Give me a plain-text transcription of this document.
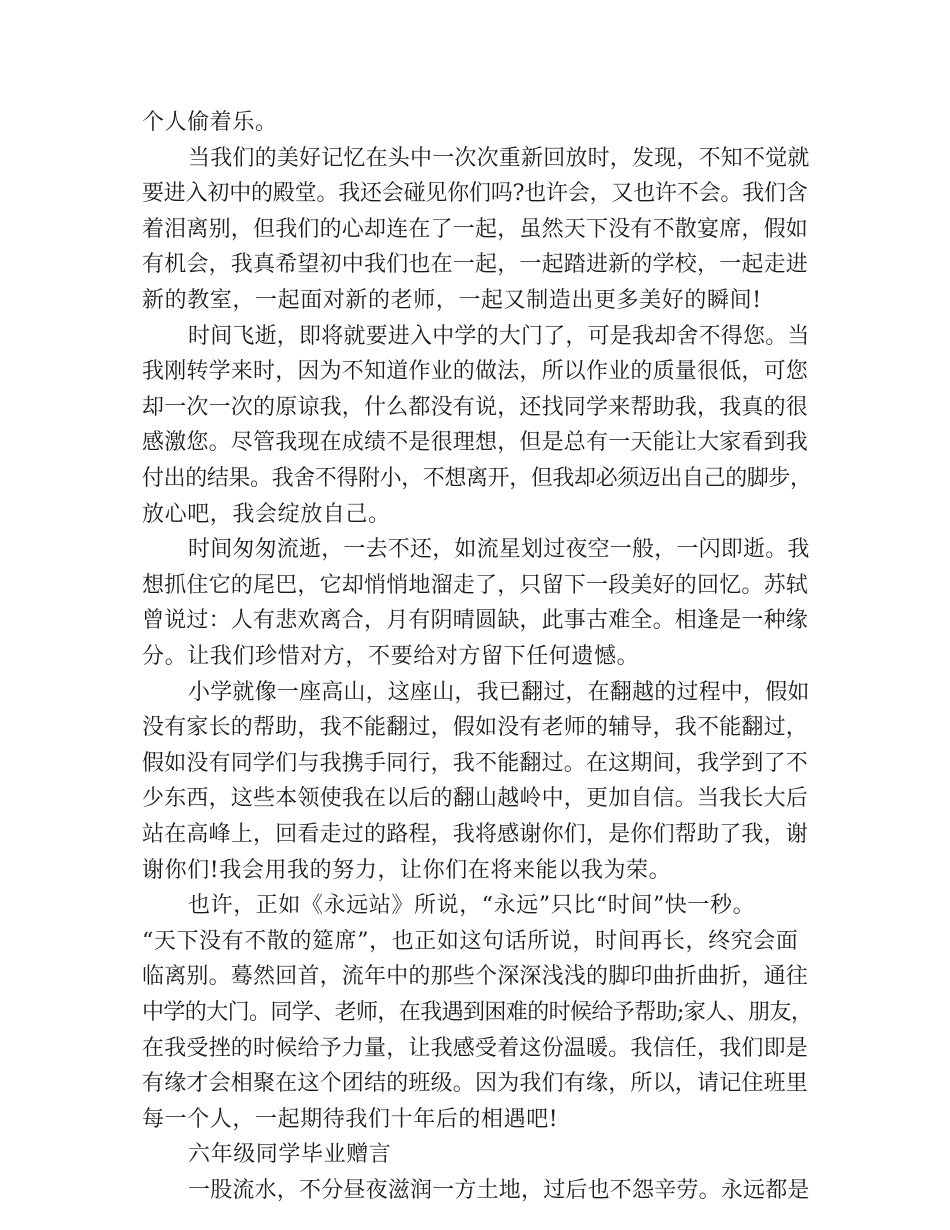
个人偷着乐。
当我们的美好记忆在头中一次次重新回放时，发现，不知不觉就
要进入初中的殿堂。我还会碰见你们吗?也许会，又也许不会。我们含
着泪离别，但我们的心却连在了一起，虽然天下没有不散宴席，假如
有机会，我真希望初中我们也在一起，一起踏进新的学校，一起走进
新的教室，一起面对新的老师，一起又制造出更多美好的瞬间!
时间飞逝，即将就要进入中学的大门了，可是我却舍不得您。当
我刚转学来时，因为不知道作业的做法，所以作业的质量很低，可您
却一次一次的原谅我，什么都没有说，还找同学来帮助我，我真的很
感激您。尽管我现在成绩不是很理想，但是总有一天能让大家看到我
付出的结果。我舍不得附小，不想离开，但我却必须迈出自己的脚步，
放心吧，我会绽放自己。
时间匆匆流逝，一去不还，如流星划过夜空一般，一闪即逝。我
想抓住它的尾巴，它却悄悄地溜走了，只留下一段美好的回忆。苏轼
曾说过：人有悲欢离合，月有阴晴圆缺，此事古难全。相逢是一种缘
分。让我们珍惜对方，不要给对方留下任何遗憾。
小学就像一座高山，这座山，我已翻过，在翻越的过程中，假如
没有家长的帮助，我不能翻过，假如没有老师的辅导，我不能翻过，
假如没有同学们与我携手同行，我不能翻过。在这期间，我学到了不
少东西，这些本领使我在以后的翻山越岭中，更加自信。当我长大后
站在高峰上，回看走过的路程，我将感谢你们，是你们帮助了我，谢
谢你们!我会用我的努力，让你们在将来能以我为荣。
也许，正如《永远站》所说，“永远”只比“时间”快一秒。
“天下没有不散的筵席”，也正如这句话所说，时间再长，终究会面
临离别。蓦然回首，流年中的那些个深深浅浅的脚印曲折曲折，通往
中学的大门。同学、老师，在我遇到困难的时候给予帮助;家人、朋友，
在我受挫的时候给予力量，让我感受着这份温暖。我信任，我们即是
有缘才会相聚在这个团结的班级。因为我们有缘，所以，请记住班里
每一个人，一起期待我们十年后的相遇吧!
六年级同学毕业赠言
一股流水，不分昼夜滋润一方土地，过后也不怨辛劳。永远都是
